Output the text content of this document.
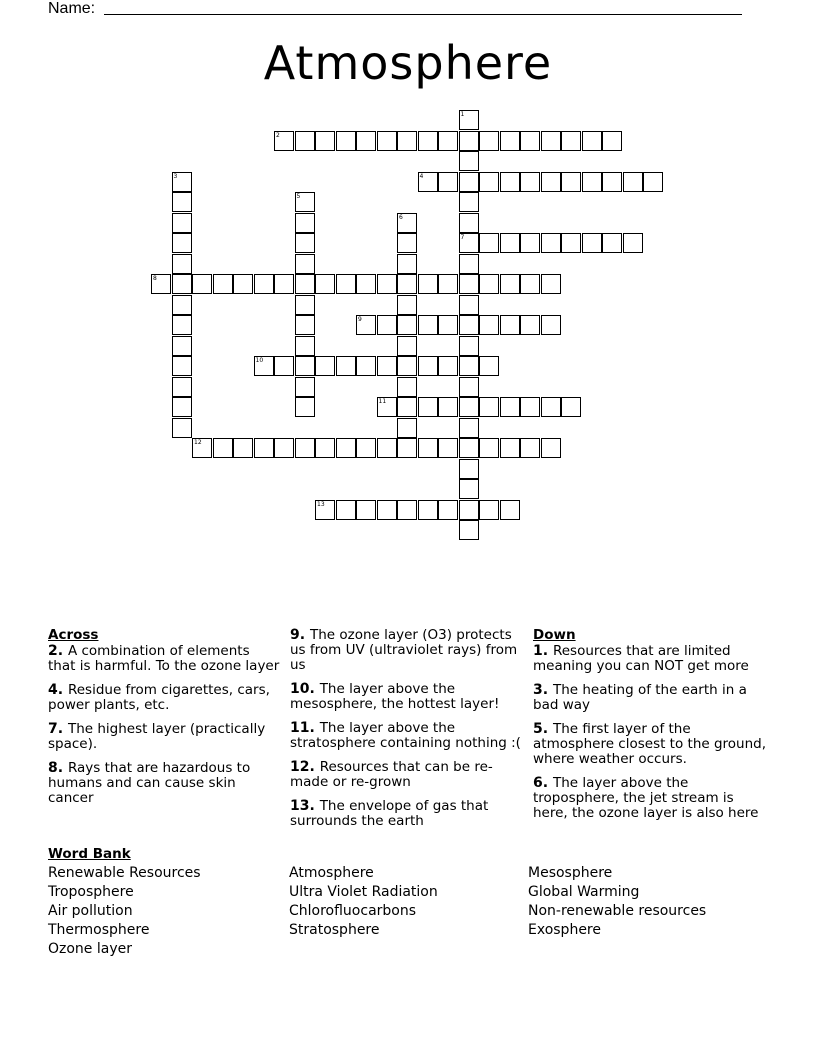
Name:
Atmosphere
1
7
2
3	4
5
6
8
9
10
11
12
13
Across
2. A combination of elements that is harmful. To the ozone layer
4. Residue from cigarettes, cars, power plants, etc.
7. The highest layer (practically space).
8. Rays that are hazardous to humans and can cause skin cancer
9. The ozone layer (O3) protects us from UV (ultraviolet rays) from us
10. The layer above the mesosphere, the hottest layer!
11. The layer above the stratosphere containing nothing :(
12. Resources that can be re-made or re-grown
13. The envelope of gas that surrounds the earth
Down
1. Resources that are limited meaning you can NOT get more
3. The heating of the earth in a bad way
5. The first layer of the atmosphere closest to the ground, where weather occurs.
6. The layer above the troposphere, the jet stream is here, the ozone layer is also here
Word Bank
Renewable Resources
Troposphere
Air pollution
Thermosphere
Ozone layer
Atmosphere
Ultra Violet Radiation
Chlorofluocarbons
Stratosphere
Mesosphere
Global Warming
Non-renewable resources
Exosphere
